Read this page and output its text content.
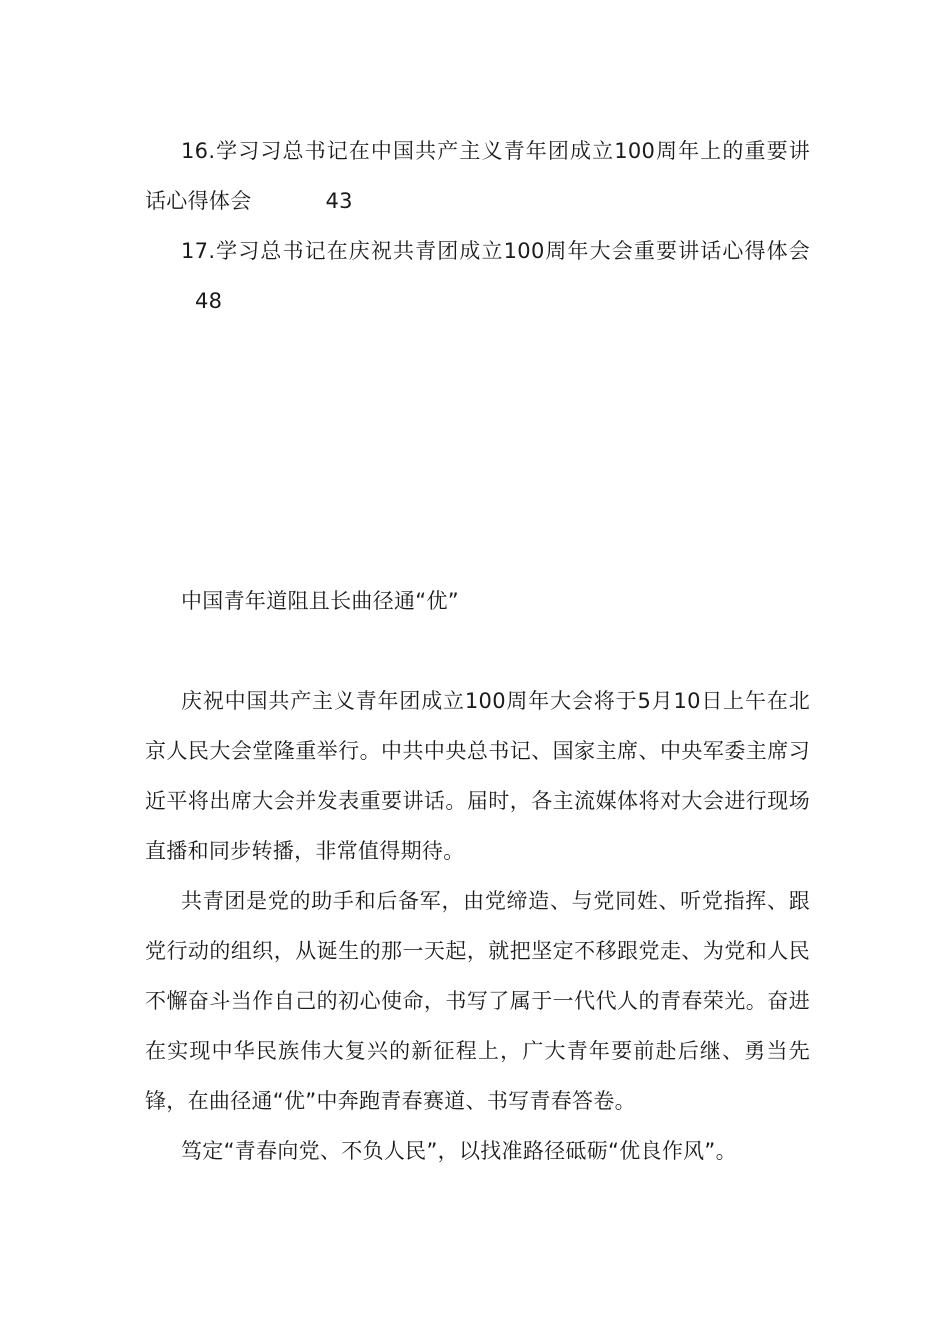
16.学习习总书记在中国共产主义青年团成立100周年上的重要讲话心得体会	43

17.学习总书记在庆祝共青团成立100周年大会重要讲话心得体会48

中国青年道阻且长曲径通“优”

庆祝中国共产主义青年团成立100周年大会将于5月10日上午在北京人民大会堂隆重举行。中共中央总书记、国家主席、中央军委主席习近平将出席大会并发表重要讲话。届时，各主流媒体将对大会进行现场直播和同步转播，非常值得期待。

共青团是党的助手和后备军，由党缔造、与党同姓、听党指挥、跟党行动的组织，从诞生的那一天起，就把坚定不移跟党走、为党和人民不懈奋斗当作自己的初心使命，书写了属于一代代人的青春荣光。奋进在实现中华民族伟大复兴的新征程上，广大青年要前赴后继、勇当先锋，在曲径通“优”中奔跑青春赛道、书写青春答卷。

笃定“青春向党、不负人民”，以找准路径砥砺“优良作风”。
